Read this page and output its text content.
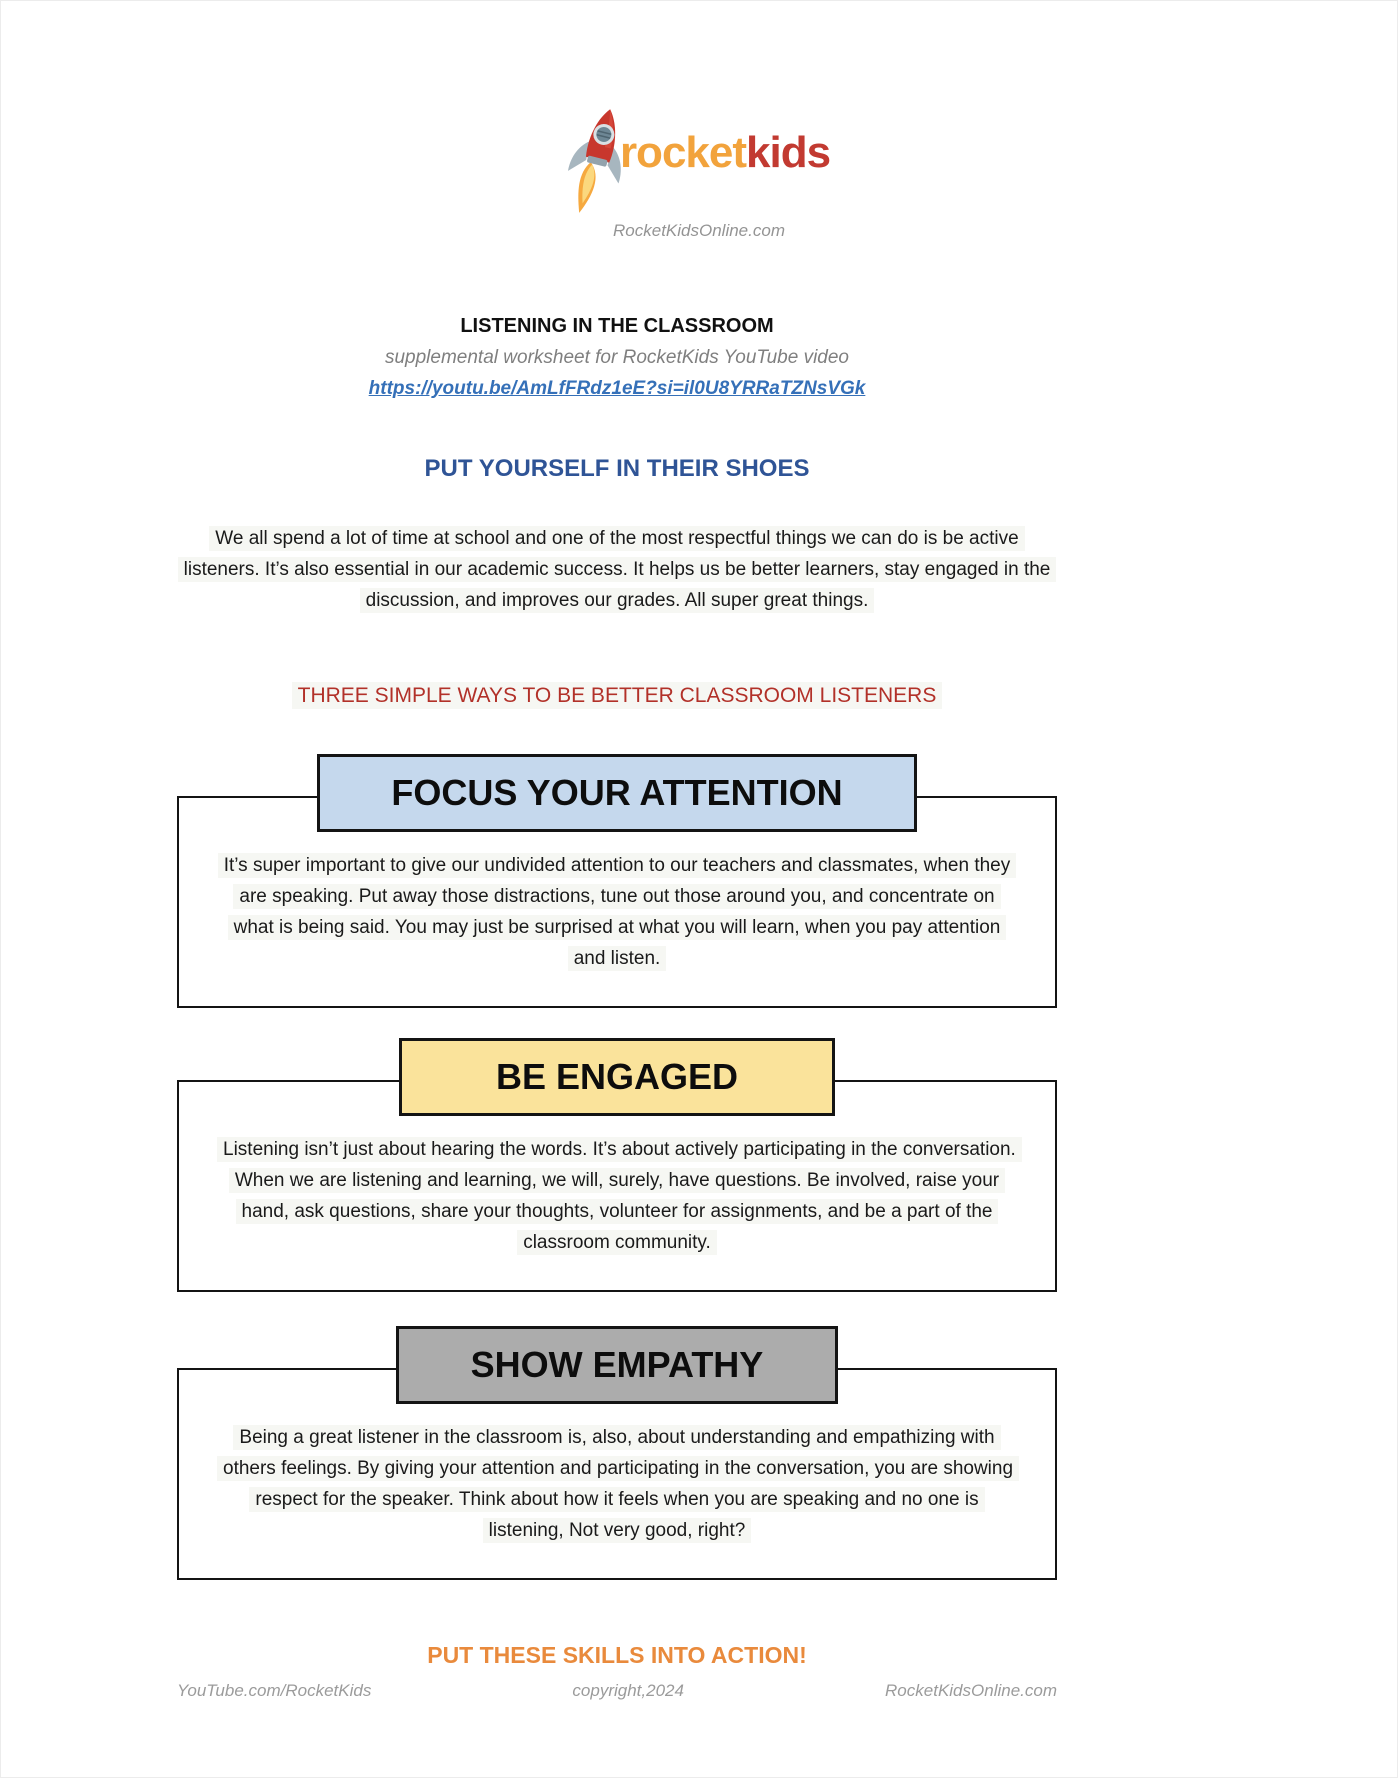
rocketkids
RocketKidsOnline.com
LISTENING IN THE CLASSROOM
supplemental worksheet for RocketKids YouTube video
https://youtu.be/AmLfFRdz1eE?si=il0U8YRRaTZNsVGk
PUT YOURSELF IN THEIR SHOES
We all spend a lot of time at school and one of the most respectful things we can do is be active listeners. It’s also essential in our academic success. It helps us be better learners, stay engaged in the discussion, and improves our grades. All super great things.
THREE SIMPLE WAYS TO BE BETTER CLASSROOM LISTENERS
FOCUS YOUR ATTENTION
It’s super important to give our undivided attention to our teachers and classmates, when they are speaking. Put away those distractions, tune out those around you, and concentrate on what is being said. You may just be surprised at what you will learn, when you pay attention and listen.
BE ENGAGED
Listening isn’t just about hearing the words. It’s about actively participating in the conversation. When we are listening and learning, we will, surely, have questions. Be involved, raise your hand, ask questions, share your thoughts, volunteer for assignments, and be a part of the classroom community.
SHOW EMPATHY
Being a great listener in the classroom is, also, about understanding and empathizing with others feelings. By giving your attention and participating in the conversation, you are showing respect for the speaker. Think about how it feels when you are speaking and no one is listening, Not very good, right?
PUT THESE SKILLS INTO ACTION!
YouTube.com/RocketKids	copyright,2024	RocketKidsOnline.com
